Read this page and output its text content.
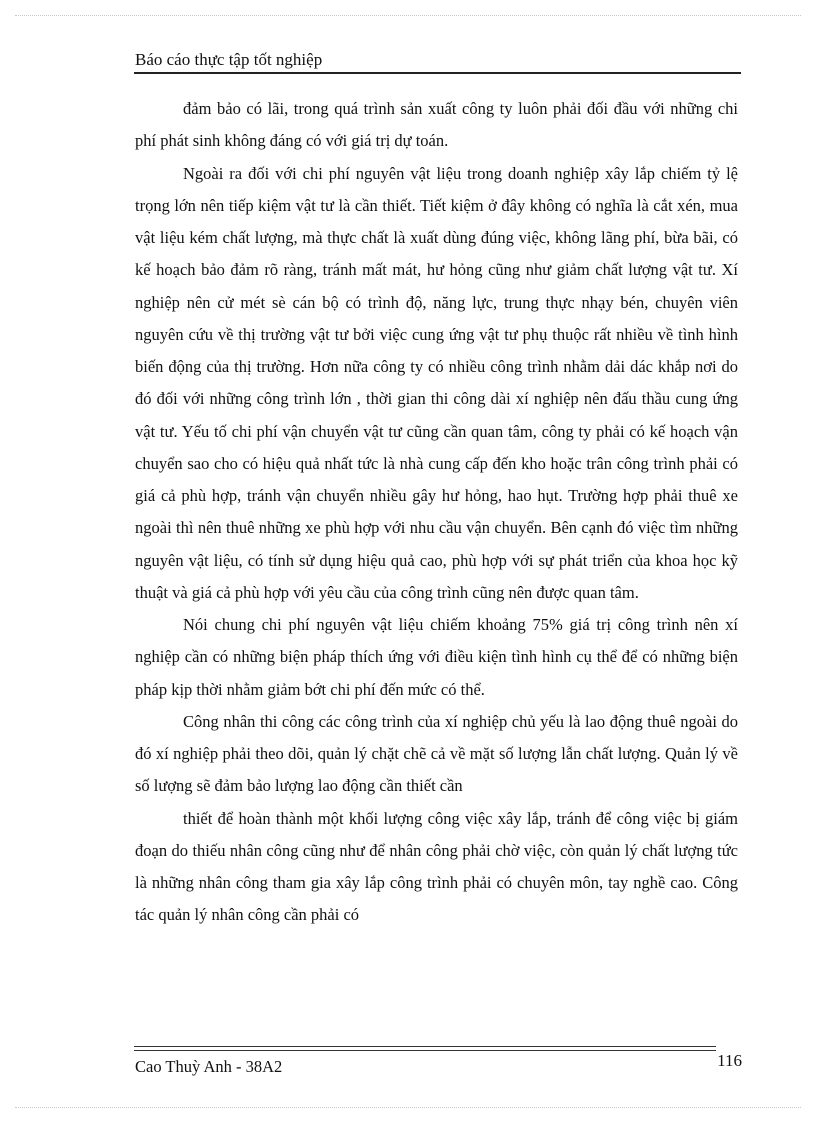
Báo cáo thực tập tốt nghiệp

đảm bảo có lãi, trong quá trình sản xuất công ty luôn phải đối đầu với những chi phí phát sinh không đáng có với giá trị dự toán.

Ngoài ra đối với chi phí nguyên vật liệu trong doanh nghiệp xây lắp chiếm tỷ lệ trọng lớn nên tiếp kiệm vật tư là cần thiết. Tiết kiệm ở đây không có nghĩa là cắt xén, mua vật liệu kém chất lượng, mà thực chất là xuất dùng đúng việc, không lãng phí, bừa bãi, có kế hoạch bảo đảm rõ ràng, tránh mất mát, hư hỏng cũng như giảm chất lượng vật tư. Xí nghiệp nên cử mét sè cán bộ có trình độ, năng lực, trung thực nhạy bén, chuyên viên nguyên cứu về thị trường vật tư bởi việc cung ứng vật tư phụ thuộc rất nhiều về tình hình biến động của thị trường. Hơn nữa công ty có nhiều công trình nhằm dải dác khắp nơi do đó đối với những công trình lớn , thời gian thi công dài xí nghiệp nên đấu thầu cung ứng vật tư. Yếu tố chi phí vận chuyển vật tư cũng cần quan tâm, công ty phải có kế hoạch vận chuyển sao cho có hiệu quả nhất tức là nhà cung cấp đến kho hoặc trân công trình phải có giá cả phù hợp, tránh vận chuyển nhiều gây hư hỏng, hao hụt. Trường hợp phải thuê xe ngoài thì nên thuê những xe phù hợp với nhu cầu vận chuyển. Bên cạnh đó việc tìm những nguyên vật liệu, có tính sử dụng hiệu quả cao, phù hợp với sự phát triển của khoa học kỹ thuật và giá cả phù hợp với yêu cầu của công trình cũng nên được quan tâm.

Nói chung chi phí nguyên vật liệu chiếm khoảng 75% giá trị công trình nên xí nghiệp cần có những biện pháp thích ứng với điều kiện tình hình cụ thể để có những biện pháp kịp thời nhằm giảm bớt chi phí đến mức có thể.

Công nhân thi công các công trình của xí nghiệp chủ yếu là lao động thuê ngoài do đó xí nghiệp phải theo dõi, quản lý chặt chẽ cả về mặt số lượng lẫn chất lượng. Quản lý về số lượng sẽ đảm bảo lượng lao động cần thiết cần

thiết để hoàn thành một khối lượng công việc xây lắp, tránh để công việc bị giám đoạn do thiếu nhân công cũng như để nhân công phải chờ việc, còn quản lý chất lượng tức là những nhân công tham gia xây lắp công trình phải có chuyên môn, tay nghề cao. Công tác quản lý nhân công cần phải có

Cao Thuỳ Anh - 38A2	116
